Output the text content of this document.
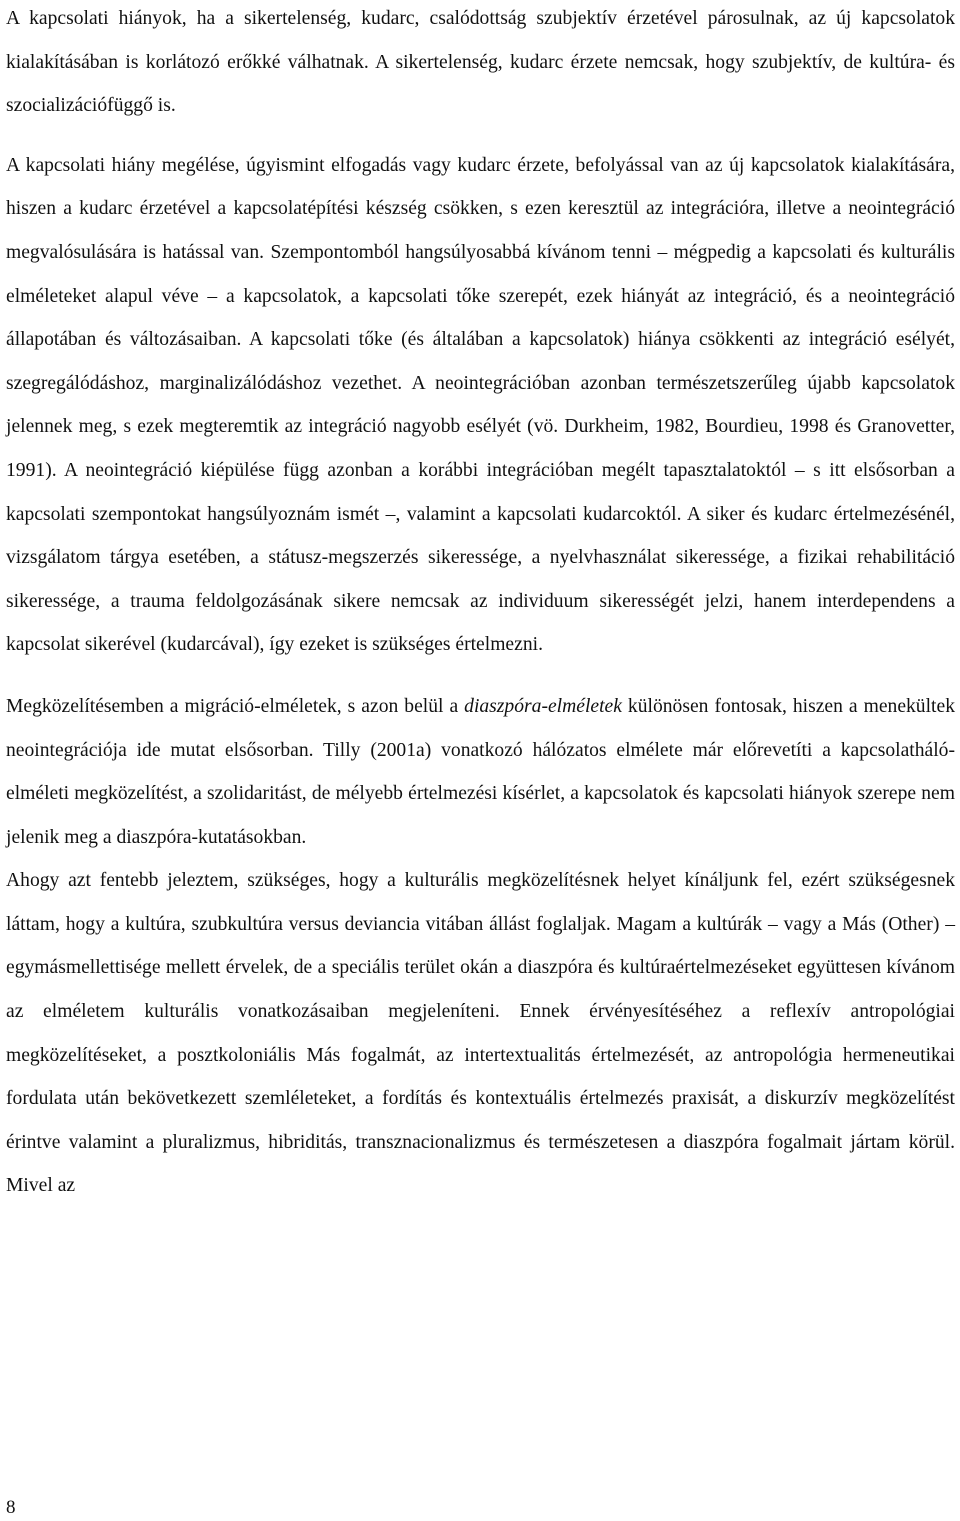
A kapcsolati hiányok, ha a sikertelenség, kudarc, csalódottság szubjektív érzetével párosulnak, az új kapcsolatok kialakításában is korlátozó erőkké válhatnak. A sikertelenség, kudarc érzete nemcsak, hogy szubjektív, de kultúra- és szocializációfüggő is.

A kapcsolati hiány megélése, úgyismint elfogadás vagy kudarc érzete, befolyással van az új kapcsolatok kialakítására, hiszen a kudarc érzetével a kapcsolatépítési készség csökken, s ezen keresztül az integrációra, illetve a neointegráció megvalósulására is hatással van. Szempontomból hangsúlyosabbá kívánom tenni – mégpedig a kapcsolati és kulturális elméleteket alapul véve – a kapcsolatok, a kapcsolati tőke szerepét, ezek hiányát az integráció, és a neointegráció állapotában és változásaiban. A kapcsolati tőke (és általában a kapcsolatok) hiánya csökkenti az integráció esélyét, szegregálódáshoz, marginalizálódáshoz vezethet. A neointegrációban azonban természetszerűleg újabb kapcsolatok jelennek meg, s ezek megteremtik az integráció nagyobb esélyét (vö. Durkheim, 1982, Bourdieu, 1998 és Granovetter, 1991). A neointegráció kiépülése függ azonban a korábbi integrációban megélt tapasztalatoktól – s itt elsősorban a kapcsolati szempontokat hangsúlyoznám ismét –, valamint a kapcsolati kudarcoktól. A siker és kudarc értelmezésénél, vizsgálatom tárgya esetében, a státusz-megszerzés sikeressége, a nyelvhasználat sikeressége, a fizikai rehabilitáció sikeressége, a trauma feldolgozásának sikere nemcsak az individuum sikerességét jelzi, hanem interdependens a kapcsolat sikerével (kudarcával), így ezeket is szükséges értelmezni.

Megközelítésemben a migráció-elméletek, s azon belül a diaszpóra-elméletek különösen fontosak, hiszen a menekültek neointegrációja ide mutat elsősorban. Tilly (2001a) vonatkozó hálózatos elmélete már előrevetíti a kapcsolatháló-elméleti megközelítést, a szolidaritást, de mélyebb értelmezési kísérlet, a kapcsolatok és kapcsolati hiányok szerepe nem jelenik meg a diaszpóra-kutatásokban.

Ahogy azt fentebb jeleztem, szükséges, hogy a kulturális megközelítésnek helyet kínáljunk fel, ezért szükségesnek láttam, hogy a kultúra, szubkultúra versus deviancia vitában állást foglaljak. Magam a kultúrák – vagy a Más (Other) – egymásmellettisége mellett érvelek, de a speciális terület okán a diaszpóra és kultúraértelmezéseket együttesen kívánom az elméletem kulturális vonatkozásaiban megjeleníteni. Ennek érvényesítéséhez a reflexív antropológiai megközelítéseket, a posztkoloniális Más fogalmát, az intertextualitás értelmezését, az antropológia hermeneutikai fordulata után bekövetkezett szemléleteket, a fordítás és kontextuális értelmezés praxisát, a diskurzív megközelítést érintve valamint a pluralizmus, hibriditás, transznacionalizmus és természetesen a diaszpóra fogalmait jártam körül. Mivel az

8
